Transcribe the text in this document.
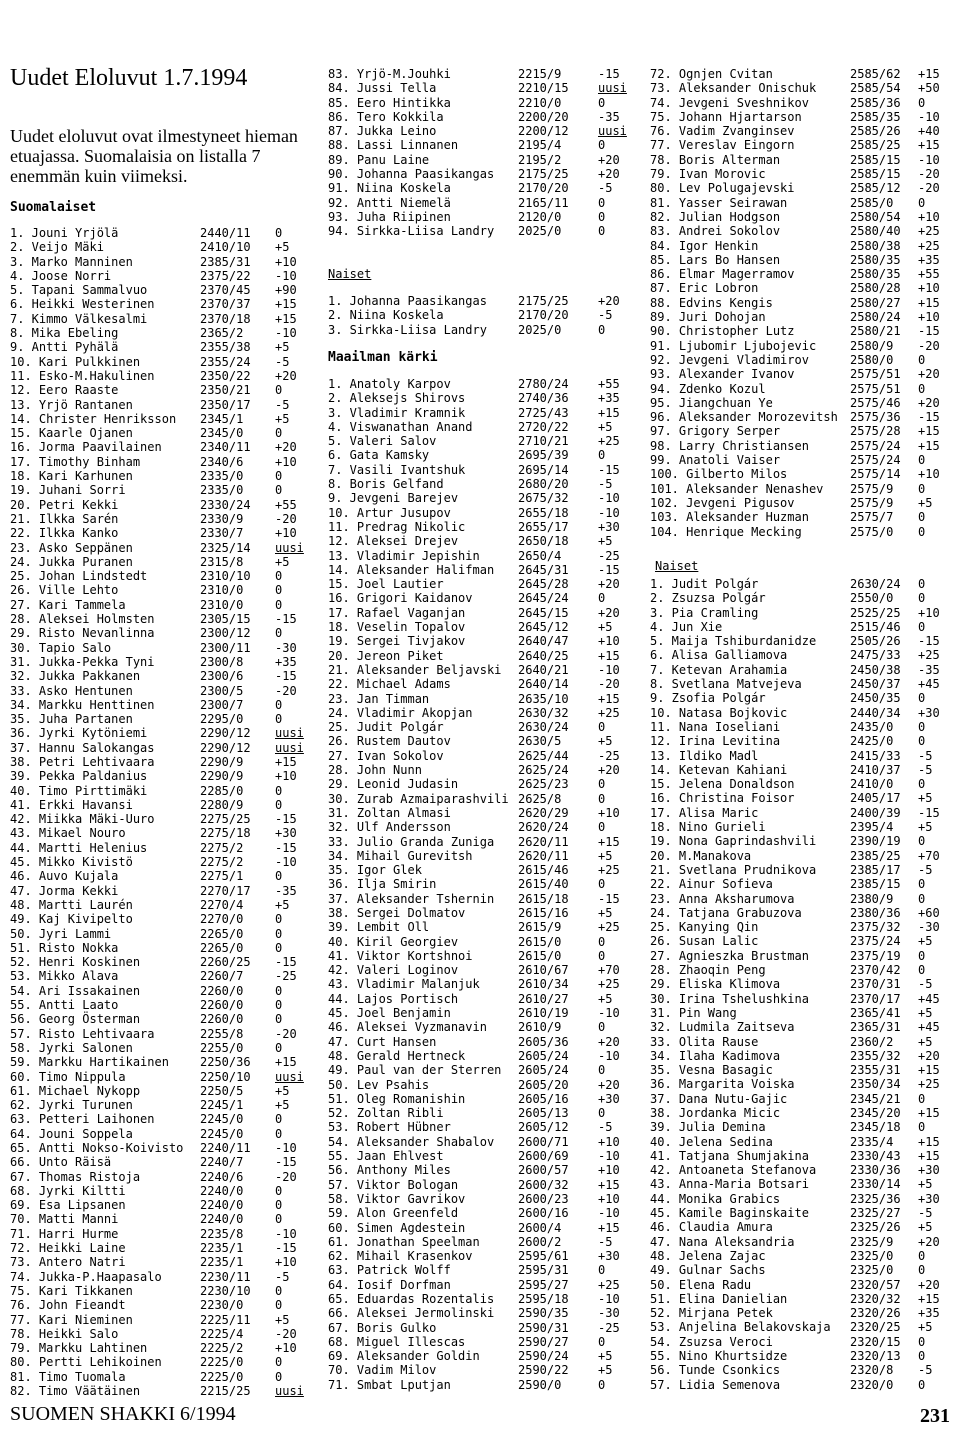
Uudet Eloluvut 1.7.1994
Uudet eloluvut ovat ilmestyneet hieman etuajassa. Suomalaisia on listalla 7 enemmän kuin viimeksi.
Suomalaiset
1. Jouni Yrjölä	2440/11	0
2. Veijo Mäki	2410/10	+5
3. Marko Manninen	2385/31	+10
4. Joose Norri	2375/22	-10
5. Tapani Sammalvuo	2370/45	+90
6. Heikki Westerinen	2370/37	+15
7. Kimmo Välkesalmi	2370/18	+15
8. Mika Ebeling	2365/2	-10
9. Antti Pyhälä	2355/38	+5
10. Kari Pulkkinen	2355/24	-5
11. Esko-M.Hakulinen	2350/22	+20
12. Eero Raaste	2350/21	0
13. Yrjö Rantanen	2350/17	-5
14. Christer Henriksson	2345/1	+5
15. Kaarle Ojanen	2345/0	0
16. Jorma Paavilainen	2340/11	+20
17. Timothy Binham	2340/6	+10
18. Kari Karhunen	2335/0	0
19. Juhani Sorri	2335/0	0
20. Petri Kekki	2330/24	+55
21. Ilkka Sarén	2330/9	-20
22. Ilkka Kanko	2330/7	+10
23. Asko Seppänen	2325/14	uusi
24. Jukka Puranen	2315/8	+5
25. Johan Lindstedt	2310/10	0
26. Ville Lehto	2310/0	0
27. Kari Tammela	2310/0	0
28. Aleksei Holmsten	2305/15	-15
29. Risto Nevanlinna	2300/12	0
30. Tapio Salo	2300/11	-30
31. Jukka-Pekka Tyni	2300/8	+35
32. Jukka Pakkanen	2300/6	-15
33. Asko Hentunen	2300/5	-20
34. Markku Henttinen	2300/7	0
35. Juha Partanen	2295/0	0
36. Jyrki Kytöniemi	2290/12	uusi
37. Hannu Salokangas	2290/12	uusi
38. Petri Lehtivaara	2290/9	+15
39. Pekka Paldanius	2290/9	+10
40. Timo Pirttimäki	2285/0	0
41. Erkki Havansi	2280/9	0
42. Miikka Mäki-Uuro	2275/25	-15
43. Mikael Nouro	2275/18	+30
44. Martti Helenius	2275/2	-15
45. Mikko Kivistö	2275/2	-10
46. Auvo Kujala	2275/1	0
47. Jorma Kekki	2270/17	-35
48. Martti Laurén	2270/4	+5
49. Kaj Kivipelto	2270/0	0
50. Jyri Lammi	2265/0	0
51. Risto Nokka	2265/0	0
52. Henri Koskinen	2260/25	-15
53. Mikko Alava	2260/7	-25
54. Ari Issakainen	2260/0	0
55. Antti Laato	2260/0	0
56. Georg Österman	2260/0	0
57. Risto Lehtivaara	2255/8	-20
58. Jyrki Salonen	2255/0	0
59. Markku Hartikainen	2250/36	+15
60. Timo Nippula	2250/10	uusi
61. Michael Nykopp	2250/5	+5
62. Jyrki Turunen	2245/1	+5
63. Petteri Laihonen	2245/0	0
64. Jouni Soppela	2245/0	0
65. Antti Nokso-Koivisto	2240/11	-10
66. Unto Räisä	2240/7	-15
67. Thomas Ristoja	2240/6	-20
68. Jyrki Kiltti	2240/0	0
69. Esa Lipsanen	2240/0	0
70. Matti Manni	2240/0	0
71. Harri Hurme	2235/8	-10
72. Heikki Laine	2235/1	-15
73. Antero Natri	2235/1	+10
74. Jukka-P.Haapasalo	2230/11	-5
75. Kari Tikkanen	2230/10	0
76. John Fieandt	2230/0	0
77. Kari Nieminen	2225/11	+5
78. Heikki Salo	2225/4	-20
79. Markku Lahtinen	2225/2	+10
80. Pertti Lehikoinen	2225/0	0
81. Timo Tuomala	2225/0	0
82. Timo Väätäinen	2215/25	uusi
83. Yrjö-M.Jouhki	2215/9	-15
84. Jussi Tella	2210/15	uusi
85. Eero Hintikka	2210/0	0
86. Tero Kokkila	2200/20	-35
87. Jukka Leino	2200/12	uusi
88. Lassi Linnanen	2195/4	0
89. Panu Laine	2195/2	+20
90. Johanna Paasikangas	2175/25	+20
91. Niina Koskela	2170/20	-5
92. Antti Niemelä	2165/11	0
93. Juha Riipinen	2120/0	0
94. Sirkka-Liisa Landry	2025/0	0
Naiset
1. Johanna Paasikangas	2175/25	+20
2. Niina Koskela	2170/20	-5
3. Sirkka-Liisa Landry	2025/0	0
Maailman kärki
1. Anatoly Karpov	2780/24	+55
2. Aleksejs Shirovs	2740/36	+35
3. Vladimir Kramnik	2725/43	+15
4. Viswanathan Anand	2720/22	+5
5. Valeri Salov	2710/21	+25
6. Gata Kamsky	2695/39	0
7. Vasili Ivantshuk	2695/14	-15
8. Boris Gelfand	2680/20	-5
9. Jevgeni Barejev	2675/32	-10
10. Artur Jusupov	2655/18	-10
11. Predrag Nikolic	2655/17	+30
12. Aleksei Drejev	2650/18	+5
13. Vladimir Jepishin	2650/4	-25
14. Aleksander Halifman	2645/31	-15
15. Joel Lautier	2645/28	+20
16. Grigori Kaidanov	2645/24	0
17. Rafael Vaganjan	2645/15	+20
18. Veselin Topalov	2645/12	+5
19. Sergei Tivjakov	2640/47	+10
20. Jereon Piket	2640/25	+15
21. Aleksander Beljavski	2640/21	-10
22. Michael Adams	2640/14	-20
23. Jan Timman	2635/10	+15
24. Vladimir Akopjan	2630/32	+25
25. Judit Polgár	2630/24	0
26. Rustem Dautov	2630/5	+5
27. Ivan Sokolov	2625/44	-25
28. John Nunn	2625/24	+20
29. Leonid Judasin	2625/23	0
30. Zurab Azmaiparashvili 2625/8	0
31. Zoltan Almasi	2620/29	+10
32. Ulf Andersson	2620/24	0
33. Julio Granda Zuniga	2620/11	+15
34. Mihail Gurevitsh	2620/11	+5
35. Igor Glek	2615/46	+25
36. Ilja Smirin	2615/40	0
37. Aleksander Tshernin	2615/18	-15
38. Sergei Dolmatov	2615/16	+5
39. Lembit Oll	2615/9	+25
40. Kiril Georgiev	2615/0	0
41. Viktor Kortshnoi	2615/0	0
42. Valeri Loginov	2610/67	+70
43. Vladimir Malanjuk	2610/34	+25
44. Lajos Portisch	2610/27	+5
45. Joel Benjamin	2610/19	-10
46. Aleksei Vyzmanavin	2610/9	0
47. Curt Hansen	2605/36	+20
48. Gerald Hertneck	2605/24	-10
49. Paul van der Sterren	2605/24	0
50. Lev Psahis	2605/20	+20
51. Oleg Romanishin	2605/16	+30
52. Zoltan Ribli	2605/13	0
53. Robert Hübner	2605/12	-5
54. Aleksander Shabalov	2600/71	+10
55. Jaan Ehlvest	2600/69	-10
56. Anthony Miles	2600/57	+10
57. Viktor Bologan	2600/32	+15
58. Viktor Gavrikov	2600/23	+10
59. Alon Greenfeld	2600/16	-10
60. Simen Agdestein	2600/4	+15
61. Jonathan Speelman	2600/2	-5
62. Mihail Krasenkov	2595/61	+30
63. Patrick Wolff	2595/31	0
64. Iosif Dorfman	2595/27	+25
65. Eduardas Rozentalis	2595/18	-10
66. Aleksei Jermolinski	2590/35	-30
67. Boris Gulko	2590/31	-25
68. Miguel Illescas	2590/27	0
69. Aleksander Goldin	2590/24	+5
70. Vadim Milov	2590/22	+5
71. Smbat Lputjan	2590/0	0
72. Ognjen Cvitan	2585/62	+15
73. Aleksander Onischuk	2585/54	+50
74. Jevgeni Sveshnikov	2585/36	0
75. Johann Hjartarson	2585/35	-10
76. Vadim Zvanginsev	2585/26	+40
77. Vereslav Eingorn	2585/25	+15
78. Boris Alterman	2585/15	-10
79. Ivan Morovic	2585/15	-20
80. Lev Polugajevski	2585/12	-20
81. Yasser Seirawan	2585/0	0
82. Julian Hodgson	2580/54	+10
83. Andrei Sokolov	2580/40	+25
84. Igor Henkin	2580/38	+25
85. Lars Bo Hansen	2580/35	+35
86. Elmar Magerramov	2580/35	+55
87. Eric Lobron	2580/28	+10
88. Edvins Kengis	2580/27	+15
89. Juri Dohojan	2580/24	+10
90. Christopher Lutz	2580/21	-15
91. Ljubomir Ljubojevic	2580/9	-20
92. Jevgeni Vladimirov	2580/0	0
93. Alexander Ivanov	2575/51	+20
94. Zdenko Kozul	2575/51	0
95. Jiangchuan Ye	2575/46	+20
96. Aleksander Morozevitsh	2575/36	-15
97. Grigory Serper	2575/28	+15
98. Larry Christiansen	2575/24	+15
99. Anatoli Vaiser	2575/24	0
100. Gilberto Milos	2575/14	+10
101. Aleksander Nenashev	2575/9	0
102. Jevgeni Pigusov	2575/9	+5
103. Aleksander Huzman	2575/7	0
104. Henrique Mecking	2575/0	0
Naiset
1. Judit Polgár	2630/24	0
2. Zsuzsa Polgár	2550/0	0
3. Pia Cramling	2525/25	+10
4. Jun Xie	2515/46	0
5. Maija Tshiburdanidze	2505/26	-15
6. Alisa Galliamova	2475/33	+25
7. Ketevan Arahamia	2450/38	-35
8. Svetlana Matvejeva	2450/37	+45
9. Zsofia Polgár	2450/35	0
10. Natasa Bojkovic	2440/34	+30
11. Nana Ioseliani	2435/0	0
12. Irina Levitina	2425/0	0
13. Ildiko Madl	2415/33	-5
14. Ketevan Kahiani	2410/37	-5
15. Jelena Donaldson	2410/0	0
16. Christina Foisor	2405/17	+5
17. Alisa Maric	2400/39	-15
18. Nino Gurieli	2395/4	+5
19. Nona Gaprindashvili	2390/19	0
20. M.Manakova	2385/25	+70
21. Svetlana Prudnikova	2385/17	-5
22. Ainur Sofieva	2385/15	0
23. Anna Aksharumova	2380/9	0
24. Tatjana Grabuzova	2380/36	+60
25. Kanying Qin	2375/32	-30
26. Susan Lalic	2375/24	+5
27. Agnieszka Brustman	2375/19	0
28. Zhaoqin Peng	2370/42	0
29. Eliska Klimova	2370/31	-5
30. Irina Tshelushkina	2370/17	+45
31. Pin Wang	2365/41	+5
32. Ludmila Zaitseva	2365/31	+45
33. Olita Rause	2360/2	+5
34. Ilaha Kadimova	2355/32	+20
35. Vesna Basagic	2355/31	+15
36. Margarita Voiska	2350/34	+25
37. Dana Nutu-Gajic	2345/21	0
38. Jordanka Micic	2345/20	+15
39. Julia Demina	2345/18	0
40. Jelena Sedina	2335/4	+15
41. Tatjana Shumjakina	2330/43	+15
42. Antoaneta Stefanova	2330/36	+30
43. Anna-Maria Botsari	2330/14	+5
44. Monika Grabics	2325/36	+30
45. Kamile Baginskaite	2325/27	-5
46. Claudia Amura	2325/26	+5
47. Nana Aleksandria	2325/9	+20
48. Jelena Zajac	2325/0	0
49. Gulnar Sachs	2325/0	0
50. Elena Radu	2320/57	+20
51. Elina Danielian	2320/32	+15
52. Mirjana Petek	2320/26	+35
53. Anjelina Belakovskaja	2320/25	+5
54. Zsuzsa Veroci	2320/15	0
55. Nino Khurtsidze	2320/13	0
56. Tunde Csonkics	2320/8	-5
57. Lidia Semenova	2320/0	0
SUOMEN SHAKKI 6/1994	231
